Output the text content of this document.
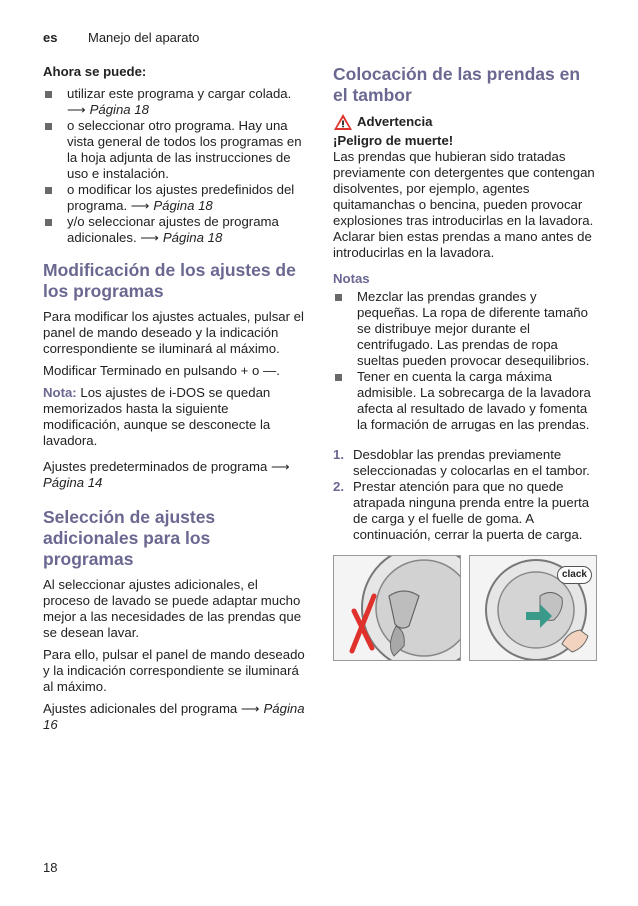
es Manejo del aparato

Ahora se puede:

utilizar este programa y cargar colada. ⟶ Página 18
o seleccionar otro programa. Hay una vista general de todos los programas en la hoja adjunta de las instrucciones de uso e instalación.
o modificar los ajustes predefinidos del programa. ⟶ Página 18
y/o seleccionar ajustes de programa adicionales. ⟶ Página 18
Modificación de los ajustes de los programas

Para modificar los ajustes actuales, pulsar el panel de mando deseado y la indicación correspondiente se iluminará al máximo.

Modificar Terminado en pulsando + o —.

Nota: Los ajustes de i-DOS se quedan memorizados hasta la siguiente modificación, aunque se desconecte la lavadora.

Ajustes predeterminados de programa ⟶ Página 14

Selección de ajustes adicionales para los programas

Al seleccionar ajustes adicionales, el proceso de lavado se puede adaptar mucho mejor a las necesidades de las prendas que se desean lavar.

Para ello, pulsar el panel de mando deseado y la indicación correspondiente se iluminará al máximo.

Ajustes adicionales del programa ⟶ Página 16

Colocación de las prendas en el tambor
Advertencia

¡Peligro de muerte!

Las prendas que hubieran sido tratadas previamente con detergentes que contengan disolventes, por ejemplo, agentes quitamanchas o bencina, pueden provocar explosiones tras introducirlas en la lavadora. Aclarar bien estas prendas a mano antes de introducirlas en la lavadora.

Notas

Mezclar las prendas grandes y pequeñas. La ropa de diferente tamaño se distribuye mejor durante el centrifugado. Las prendas de ropa sueltas pueden provocar desequilibrios.
Tener en cuenta la carga máxima admisible. La sobrecarga de la lavadora afecta al resultado de lavado y fomenta la formación de arrugas en las prendas.
1. Desdoblar las prendas previamente seleccionadas y colocarlas en el tambor.
2. Prestar atención para que no quede atrapada ninguna prenda entre la puerta de carga y el fuelle de goma. A continuación, cerrar la puerta de carga.
clack
18
